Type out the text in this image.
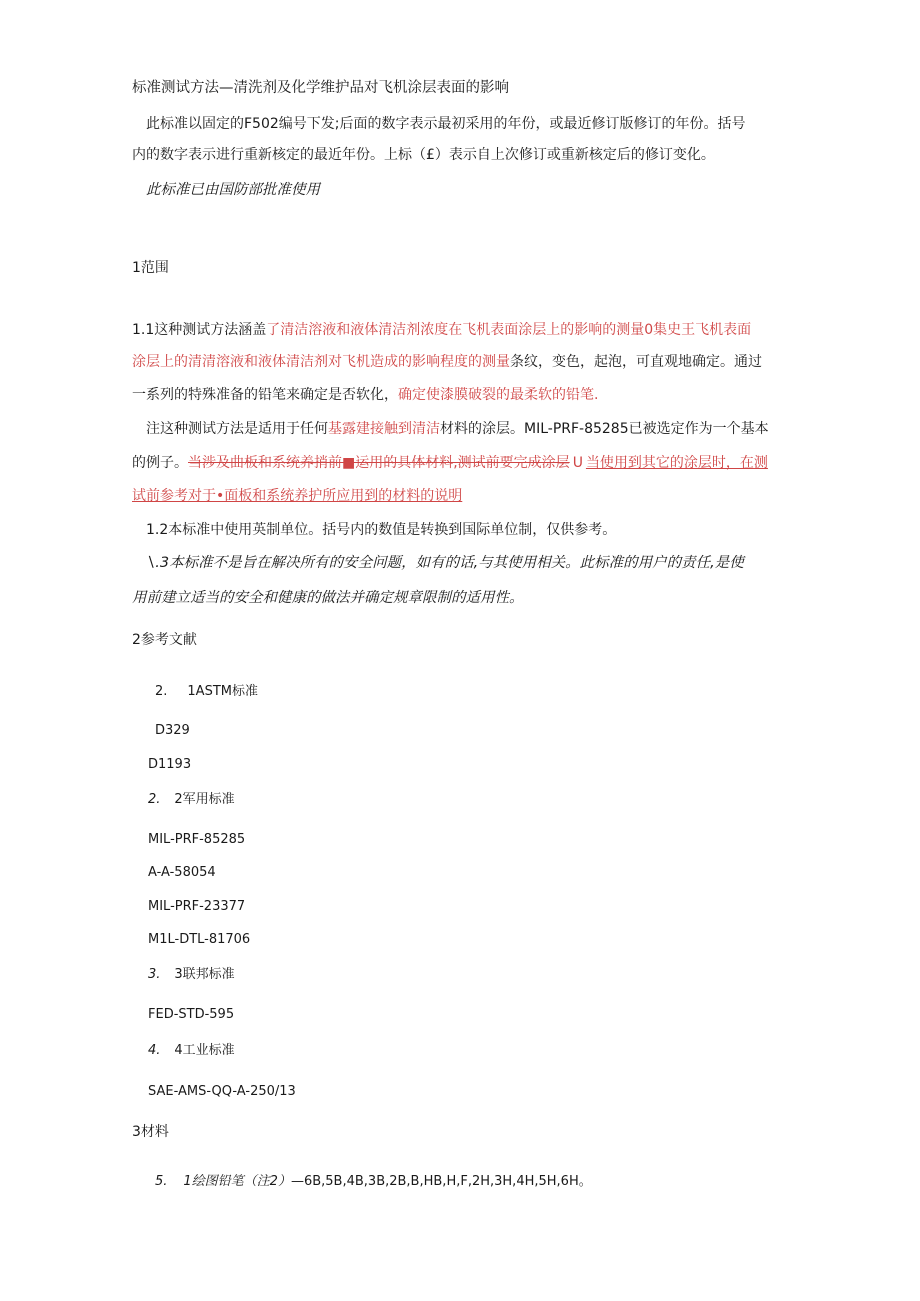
标准测试方法—清洗剂及化学维护品对飞机涂层表面的影响
此标准以固定的F502编号下发;后面的数字表示最初采用的年份，或最近修订版修订的年份。括号
内的数字表示进行重新核定的最近年份。上标（£）表示自上次修订或重新核定后的修订变化。
此标准已由国防部批准使用
1范围
1.1这种测试方法涵盖了清洁溶液和液体清洁剂浓度在飞机表面涂层上的影响的测量0集史王飞机表面
涂层上的清清溶液和液体清洁剂对飞机造成的影响程度的测量条纹，变色，起泡，可直观地确定。通过
一系列的特殊准备的铅笔来确定是否软化，确定使漆膜破裂的最柔软的铅笔.
注这种测试方法是适用于任何基露建接触到清洁材料的涂层。MIL-PRF-85285已被选定作为一个基本
的例子。当涉及曲板和系统养捎前■运用的具体材料,测试前要完成涂层 U 当使用到其它的涂层时，在测
试前参考对于•面板和系统养护所应用到的材料的说明
1.2本标准中使用英制单位。括号内的数值是转换到国际单位制，仅供参考。
∖.3本标准不是旨在解决所有的安全问题，如有的话,与其使用相关。此标准的用户的责任,是使
用前建立适当的安全和健康的做法并确定规章限制的适用性。
2参考文献
2. 1ASTM标准
D329
D1193
2. 2军用标准
MIL-PRF-85285
A-A-58054
MIL-PRF-23377
M1L-DTL-81706
3. 3联邦标准
FED-STD-595
4. 4工业标准
SAE-AMS-QQ-A-250/13
3材料
5. 1绘图铅笔（注2）—6B,5B,4B,3B,2B,B,HB,H,F,2H,3H,4H,5H,6H。
